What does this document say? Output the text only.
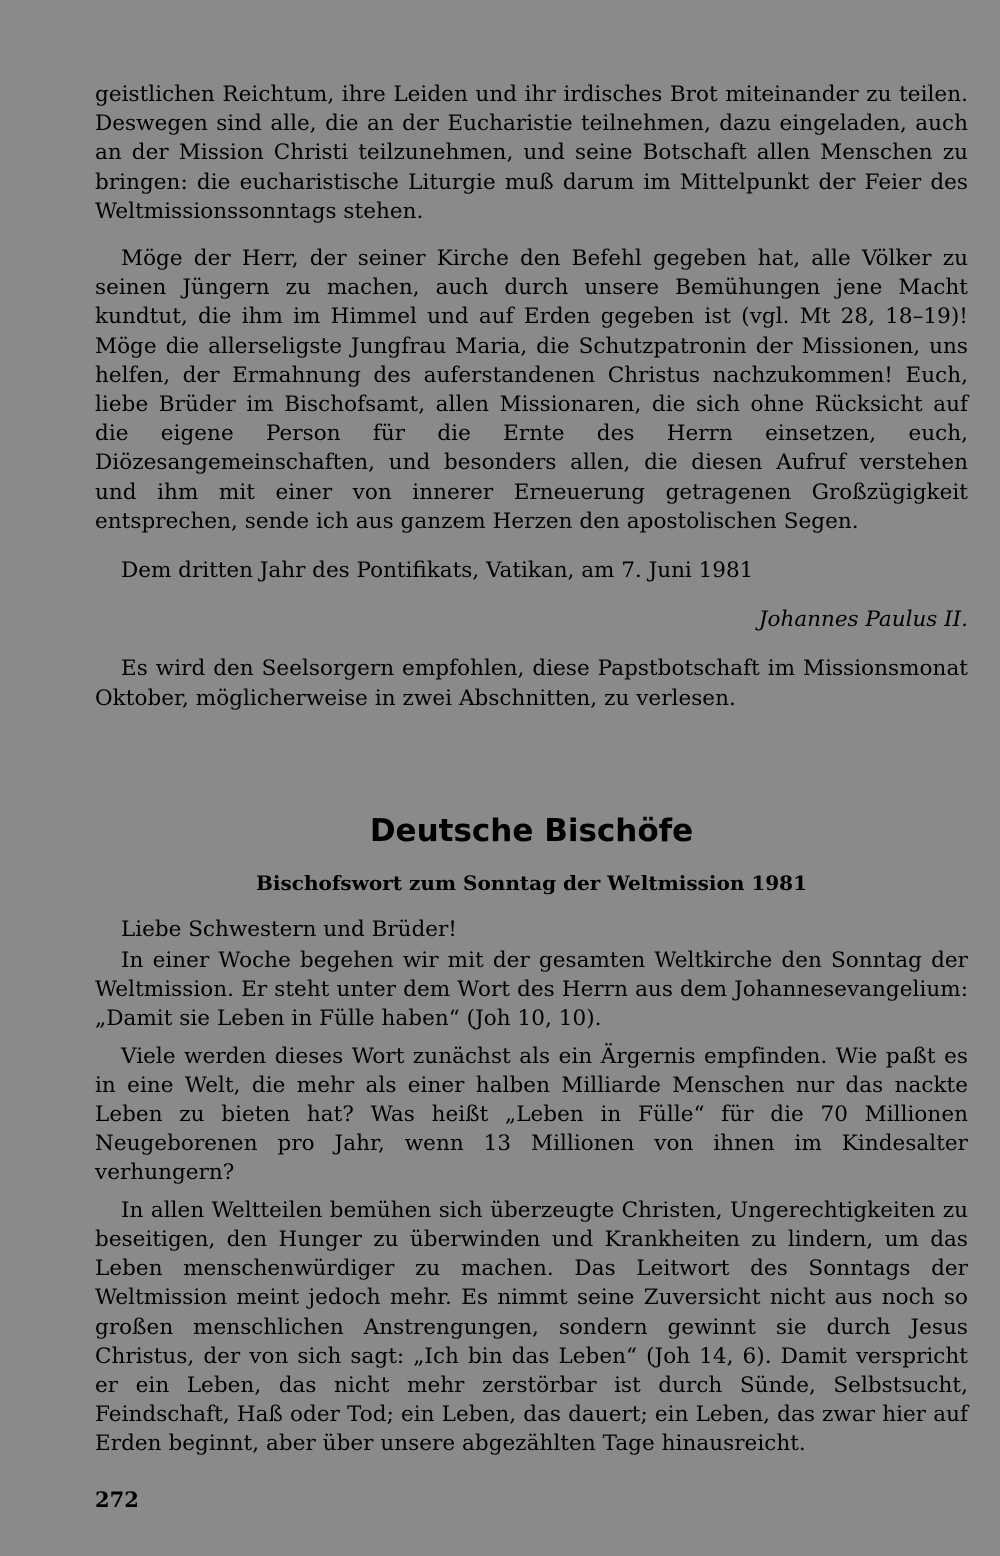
geistlichen Reichtum, ihre Leiden und ihr irdisches Brot miteinander zu teilen. Deswegen sind alle, die an der Eucharistie teilnehmen, dazu eingeladen, auch an der Mission Christi teilzunehmen, und seine Botschaft allen Menschen zu bringen: die eucharistische Liturgie muß darum im Mittelpunkt der Feier des Weltmissionssonntags stehen.

Möge der Herr, der seiner Kirche den Befehl gegeben hat, alle Völker zu seinen Jüngern zu machen, auch durch unsere Bemühungen jene Macht kundtut, die ihm im Himmel und auf Erden gegeben ist (vgl. Mt 28, 18–19)! Möge die allerseligste Jungfrau Maria, die Schutzpatronin der Missionen, uns helfen, der Ermahnung des auferstandenen Christus nachzukommen! Euch, liebe Brüder im Bischofsamt, allen Missionaren, die sich ohne Rücksicht auf die eigene Person für die Ernte des Herrn einsetzen, euch, Diözesangemeinschaften, und besonders allen, die diesen Aufruf verstehen und ihm mit einer von innerer Erneuerung getragenen Großzügigkeit entsprechen, sende ich aus ganzem Herzen den apostolischen Segen.

Dem dritten Jahr des Pontifikats, Vatikan, am 7. Juni 1981

Johannes Paulus II.

Es wird den Seelsorgern empfohlen, diese Papstbotschaft im Missionsmonat Oktober, möglicherweise in zwei Abschnitten, zu verlesen.

Deutsche Bischöfe
Bischofswort zum Sonntag der Weltmission 1981

Liebe Schwestern und Brüder!

In einer Woche begehen wir mit der gesamten Weltkirche den Sonntag der Weltmission. Er steht unter dem Wort des Herrn aus dem Johannesevangelium: „Damit sie Leben in Fülle haben“ (Joh 10, 10).

Viele werden dieses Wort zunächst als ein Ärgernis empfinden. Wie paßt es in eine Welt, die mehr als einer halben Milliarde Menschen nur das nackte Leben zu bieten hat? Was heißt „Leben in Fülle“ für die 70 Millionen Neugeborenen pro Jahr, wenn 13 Millionen von ihnen im Kindesalter verhungern?

In allen Weltteilen bemühen sich überzeugte Christen, Ungerechtigkeiten zu beseitigen, den Hunger zu überwinden und Krankheiten zu lindern, um das Leben menschenwürdiger zu machen. Das Leitwort des Sonntags der Weltmission meint jedoch mehr. Es nimmt seine Zuversicht nicht aus noch so großen menschlichen Anstrengungen, sondern gewinnt sie durch Jesus Christus, der von sich sagt: „Ich bin das Leben“ (Joh 14, 6). Damit verspricht er ein Leben, das nicht mehr zerstörbar ist durch Sünde, Selbstsucht, Feindschaft, Haß oder Tod; ein Leben, das dauert; ein Leben, das zwar hier auf Erden beginnt, aber über unsere abgezählten Tage hinausreicht.

272
